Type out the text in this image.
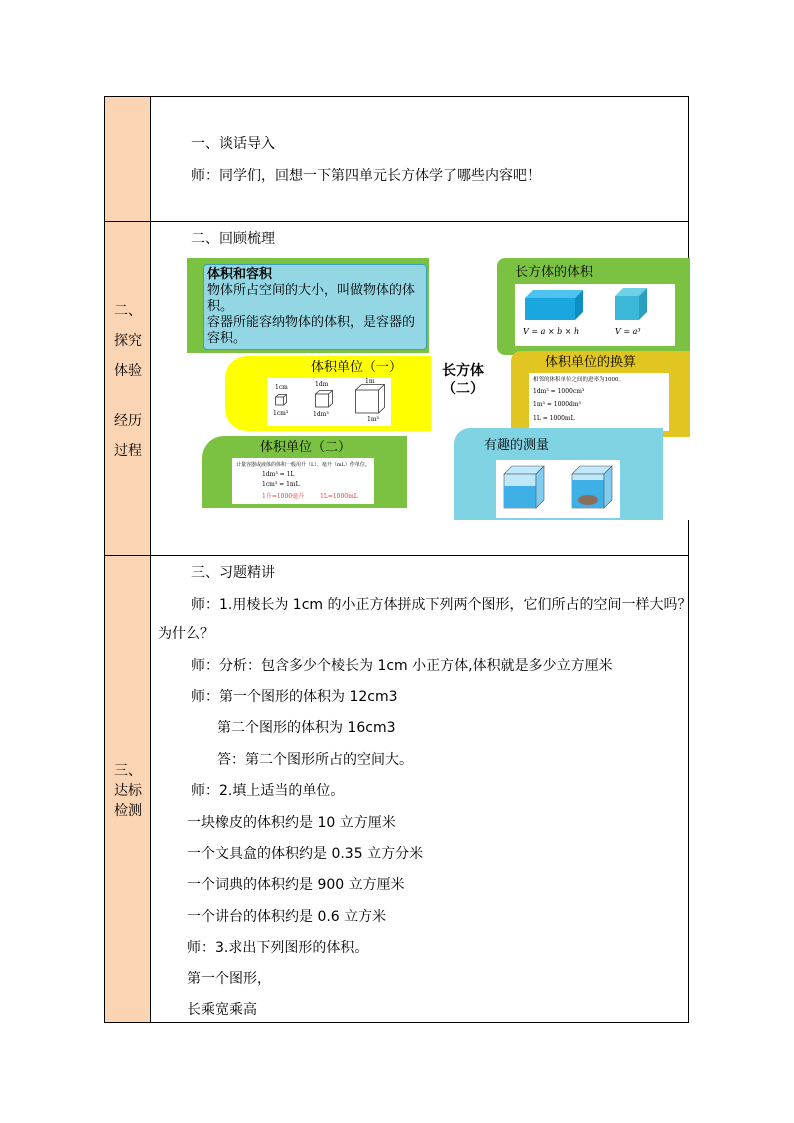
二、
探究
体验
经历
过程
三、
达标
检测
一、谈话导入
师：同学们，回想一下第四单元长方体学了哪些内容吧！
二、回顾梳理
体积和容积
物体所占空间的大小，叫做物体的体积。
容器所能容纳物体的体积，是容器的容积。
长方体
（二）
长方体的体积
V = a × b × h	V = a³
体积单位（一）
1cm
1cm³
1dm
1dm³
1m
1m³
体积单位的换算
相邻的体积单位之间的进率为1000。
1dm³ = 1000cm³
1m³ = 1000dm³
1L = 1000mL
体积单位（二）
计量容器或液体的体积一般用升（L）、毫升（mL）作单位。
1dm³ = 1L
1cm³ = 1mL
1升=1000毫升	1L=1000mL
有趣的测量
三、习题精讲
师：1.用棱长为 1cm 的小正方体拼成下列两个图形，它们所占的空间一样大吗？
为什么？
师：分析：包含多少个棱长为 1cm 小正方体,体积就是多少立方厘米
师：第一个图形的体积为 12cm3
第二个图形的体积为 16cm3
答：第二个图形所占的空间大。
师：2.填上适当的单位。
一块橡皮的体积约是 10 立方厘米
一个文具盒的体积约是 0.35 立方分米
一个词典的体积约是 900 立方厘米
一个讲台的体积约是 0.6 立方米
师：3.求出下列图形的体积。
第一个图形，
长乘宽乘高
